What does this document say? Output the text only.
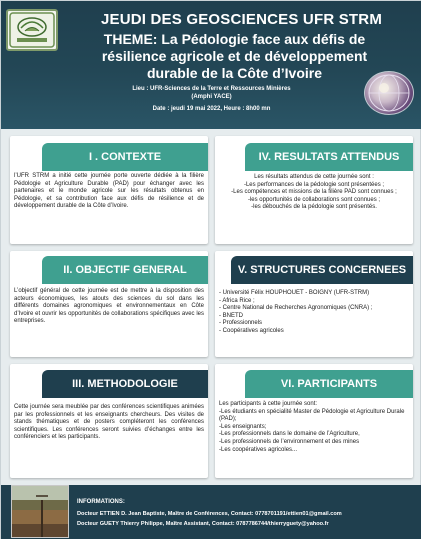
JEUDI DES GEOSCIENCES UFR STRM
THEME: La Pédologie face aux défis de
résilience agricole et de développement
durable de la Côte d’Ivoire
Lieu : UFR-Sciences de la Terre et Ressources Minières
(Amphi YACE)
Date : jeudi 19 mai 2022, Heure : 8h00 mn
I . CONTEXTE
l’UFR STRM a initié cette journée porte ouverte dédiée à la filière Pédologie et Agriculture Durable (PAD) pour échanger avec les partenaires et le monde agricole sur les résultats obtenus en Pédologie, et sa contribution face aux défis de résilience et de développement durable de la Côte d’Ivoire.
IV. RESULTATS ATTENDUS

Les résultats attendus de cette journée sont :

-Les performances de la pédologie sont présentées ;

-Les compétences et missions de la filière PAD sont connues ;

-les opportunités de collaborations sont connues ;

-les débouchés de la pédologie sont présentés.

II. OBJECTIF GENERAL
L’objectif général de cette journée est de mettre à la disposition des acteurs économiques, les atouts des sciences du sol dans les différents domaines agronomiques et environnementaux en Côte d’Ivoire et ouvrir les opportunités de collaborations spécifiques avec les entreprises.
V. STRUCTURES CONCERNEES

- Université Félix HOUPHOUET - BOIGNY (UFR-STRM)

- Africa Rice ;

- Centre National de Recherches Agronomiques (CNRA) ;

- BNETD

- Professionnels

- Coopératives agricoles

III. METHODOLOGIE
Cette journée sera meublée par des conférences scientifiques animées par les professionnels et les enseignants chercheurs. Des visites de stands thématiques et de posters compléteront les conférences scientifiques. Les conférences seront suivies d’échanges entre les conférenciers et les participants.
VI. PARTICIPANTS

Les participants à cette journée sont:

-Les étudiants en spécialité Master de Pédologie et Agriculture Durale (PAD);

-Les enseignants;

-Les professionnels dans le domaine de l’Agriculture,

-Les professionnels de l’environnement et des mines

-Les coopératives agricoles...

INFORMATIONS:
Docteur ETTIEN D. Jean Baptiste, Maître de Conférences, Contact: 0778701191/ettien01@gmail.com
Docteur GUETY Thierry Philippe, Maître Assistant, Contact: 0787786744/thierryguety@yahoo.fr
